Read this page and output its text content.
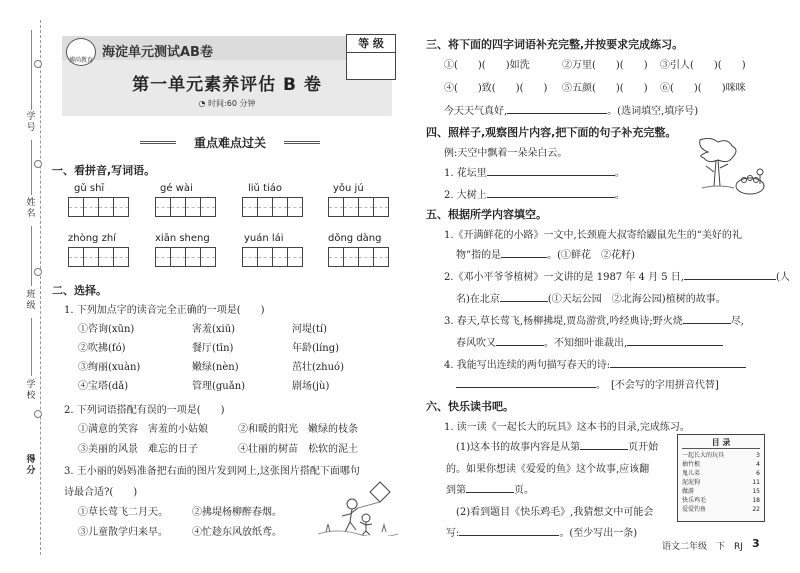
学号
姓名
班级
学校
得分
博尚教育
海淀单元测试AB卷
等 级
第一单元素养评估 B 卷
◔ 时间:60 分钟
重点难点过关
一、看拼音,写词语。
gǔ shī	gé wài	liǔ tiáo	yǒu jú
zhòng zhí	xiān sheng	yuán lái	dǒng dàng
二、选择。
1. 下列加点字的读音完全正确的一项是(　　)
①咨询(xūn)	害羞(xiū)	河堤(tí)
②吹拂(fó)	餐厅(tīn)	年龄(líng)
③绚丽(xuàn)	嫩绿(nèn)	茁壮(zhuó)
④宝塔(dǎ)	管理(guǎn)	剧场(jù)
2. 下列词语搭配有误的一项是(　　)
①满意的笑容　害羞的小姑娘	②和暖的阳光　嫩绿的枝条
③美丽的风景　难忘的日子	④壮丽的树苗　松软的泥土
3. 王小丽的妈妈准备把右面的图片发到网上,这张图片搭配下面哪句
诗最合适?(　　)
①草长莺飞二月天。 ②拂堤杨柳醉春烟。
③儿童散学归来早。 ④忙趁东风放纸鸢。
三、将下面的四字词语补充完整,并按要求完成练习。
①(　　)(　　)如洗	②万里(　　)(　　) ③引人(　　)(　　)
④(　　)致(　　)(　　) ⑤五颜(　　)(　　) ⑥(　　)(　　)咪咪
今天天气真好,	。(选词填空,填序号)
四、照样子,观察图片内容,把下面的句子补充完整。
例:天空中飘着一朵朵白云。
1. 花坛里	。
2. 大树上	。
五、根据所学内容填空。
1.《开满鲜花的小路》一文中,长颈鹿大叔寄给鼹鼠先生的“美好的礼
物”指的是	。(①鲜花　②花籽)
2.《邓小平爷爷植树》一文讲的是 1987 年 4 月 5 日,	(人
名)在北京	(①天坛公园　②北海公园)植树的故事。
3. 春天,草长莺飞,杨柳拂堤,贾岛游赏,吟经典诗;野火烧	尽,
春风吹又	。不知细叶谁裁出,
4. 我能写出连续的两句描写春天的诗:
。　[不会写的字用拼音代替]
六、快乐读书吧。
1. 读一读《一起长大的玩具》这本书的目录,完成练习。
(1)这本书的故事内容是从第	页开始
的。如果你想读《爱爱的鱼》这个故事,应该翻
到第	页。
(2)看到题目《快乐鸡毛》,我猜想文中可能会
写:	。(至少写出一条)
目 录
一起长大的玩具	3
抽竹根	4
鬼儿弟	6
泥泥狗	11
做游	15
快乐鸡毛	18
爱爱钓鱼	22
语文二年级　下　RJ 3
